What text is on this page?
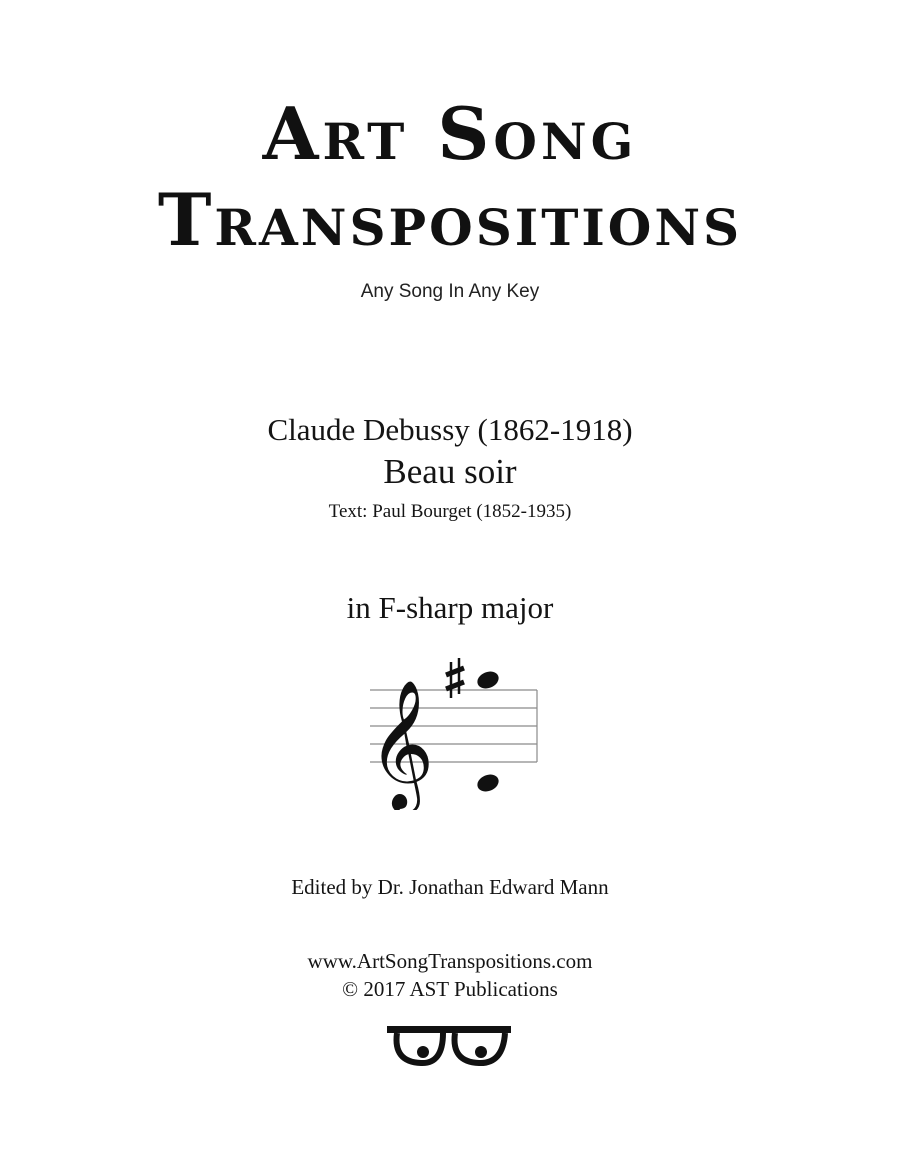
Art Song
Transpositions
Any Song In Any Key
Claude Debussy (1862-1918)
Beau soir
Text: Paul Bourget (1852-1935)
in F-sharp major
𝄞
Edited by Dr. Jonathan Edward Mann
www.ArtSongTranspositions.com
© 2017 AST Publications
